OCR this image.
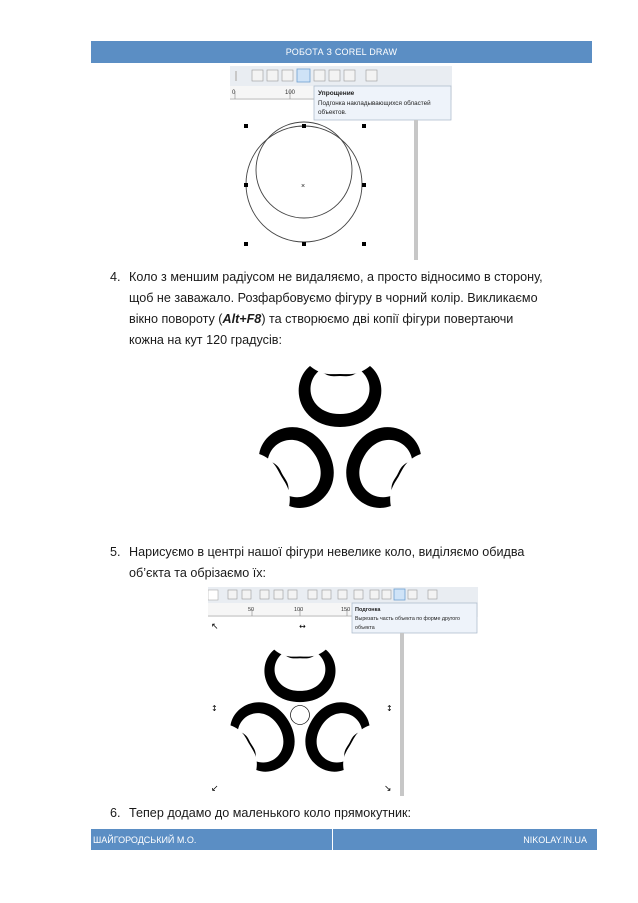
РОБОТА З COREL DRAW
0	100	Упрощение
Подгонка накладывающихся областей
объектов.
×
4. Коло з меншим радіусом не видаляємо, а просто відносимо в сторону,

щоб не заважало. Розфарбовуємо фігуру в чорний колір. Викликаємо

вікно повороту (Alt+F8) та створюємо дві копії фігури повертаючи

кожна на кут 120 градусів:

5. Нарисуємо в центрі нашої фігури невелике коло, виділяємо обидва

об’єкта та обрізаємо їх:

50	100	150 Подгонка
Вырезать часть объекта по форме другого
объекта
↖	↔
↕	↕
↙	↘
6. Тепер додамо до маленького коло прямокутник:

ШАЙГОРОДСЬКИЙ М.О.	NIKOLAY.IN.UA
